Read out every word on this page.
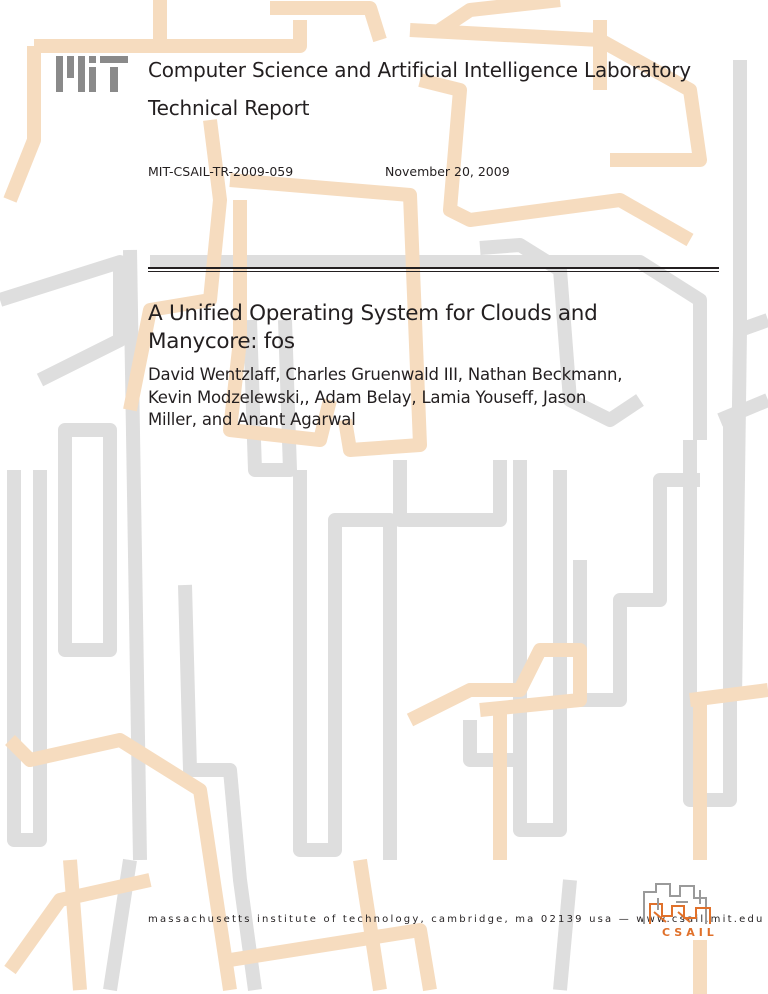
Computer Science and Artificial Intelligence Laboratory
Technical Report
MIT-CSAIL-TR-2009-059	November 20, 2009
A Unified Operating System for Clouds and Manycore: fos

David Wentzlaff, Charles Gruenwald III, Nathan Beckmann, Kevin Modzelewski,, Adam Belay, Lamia Youseff, Jason Miller, and Anant Agarwal

massachusetts institute of technology, cambridge, ma 02139 usa — www.csail.mit.edu
CSAIL
